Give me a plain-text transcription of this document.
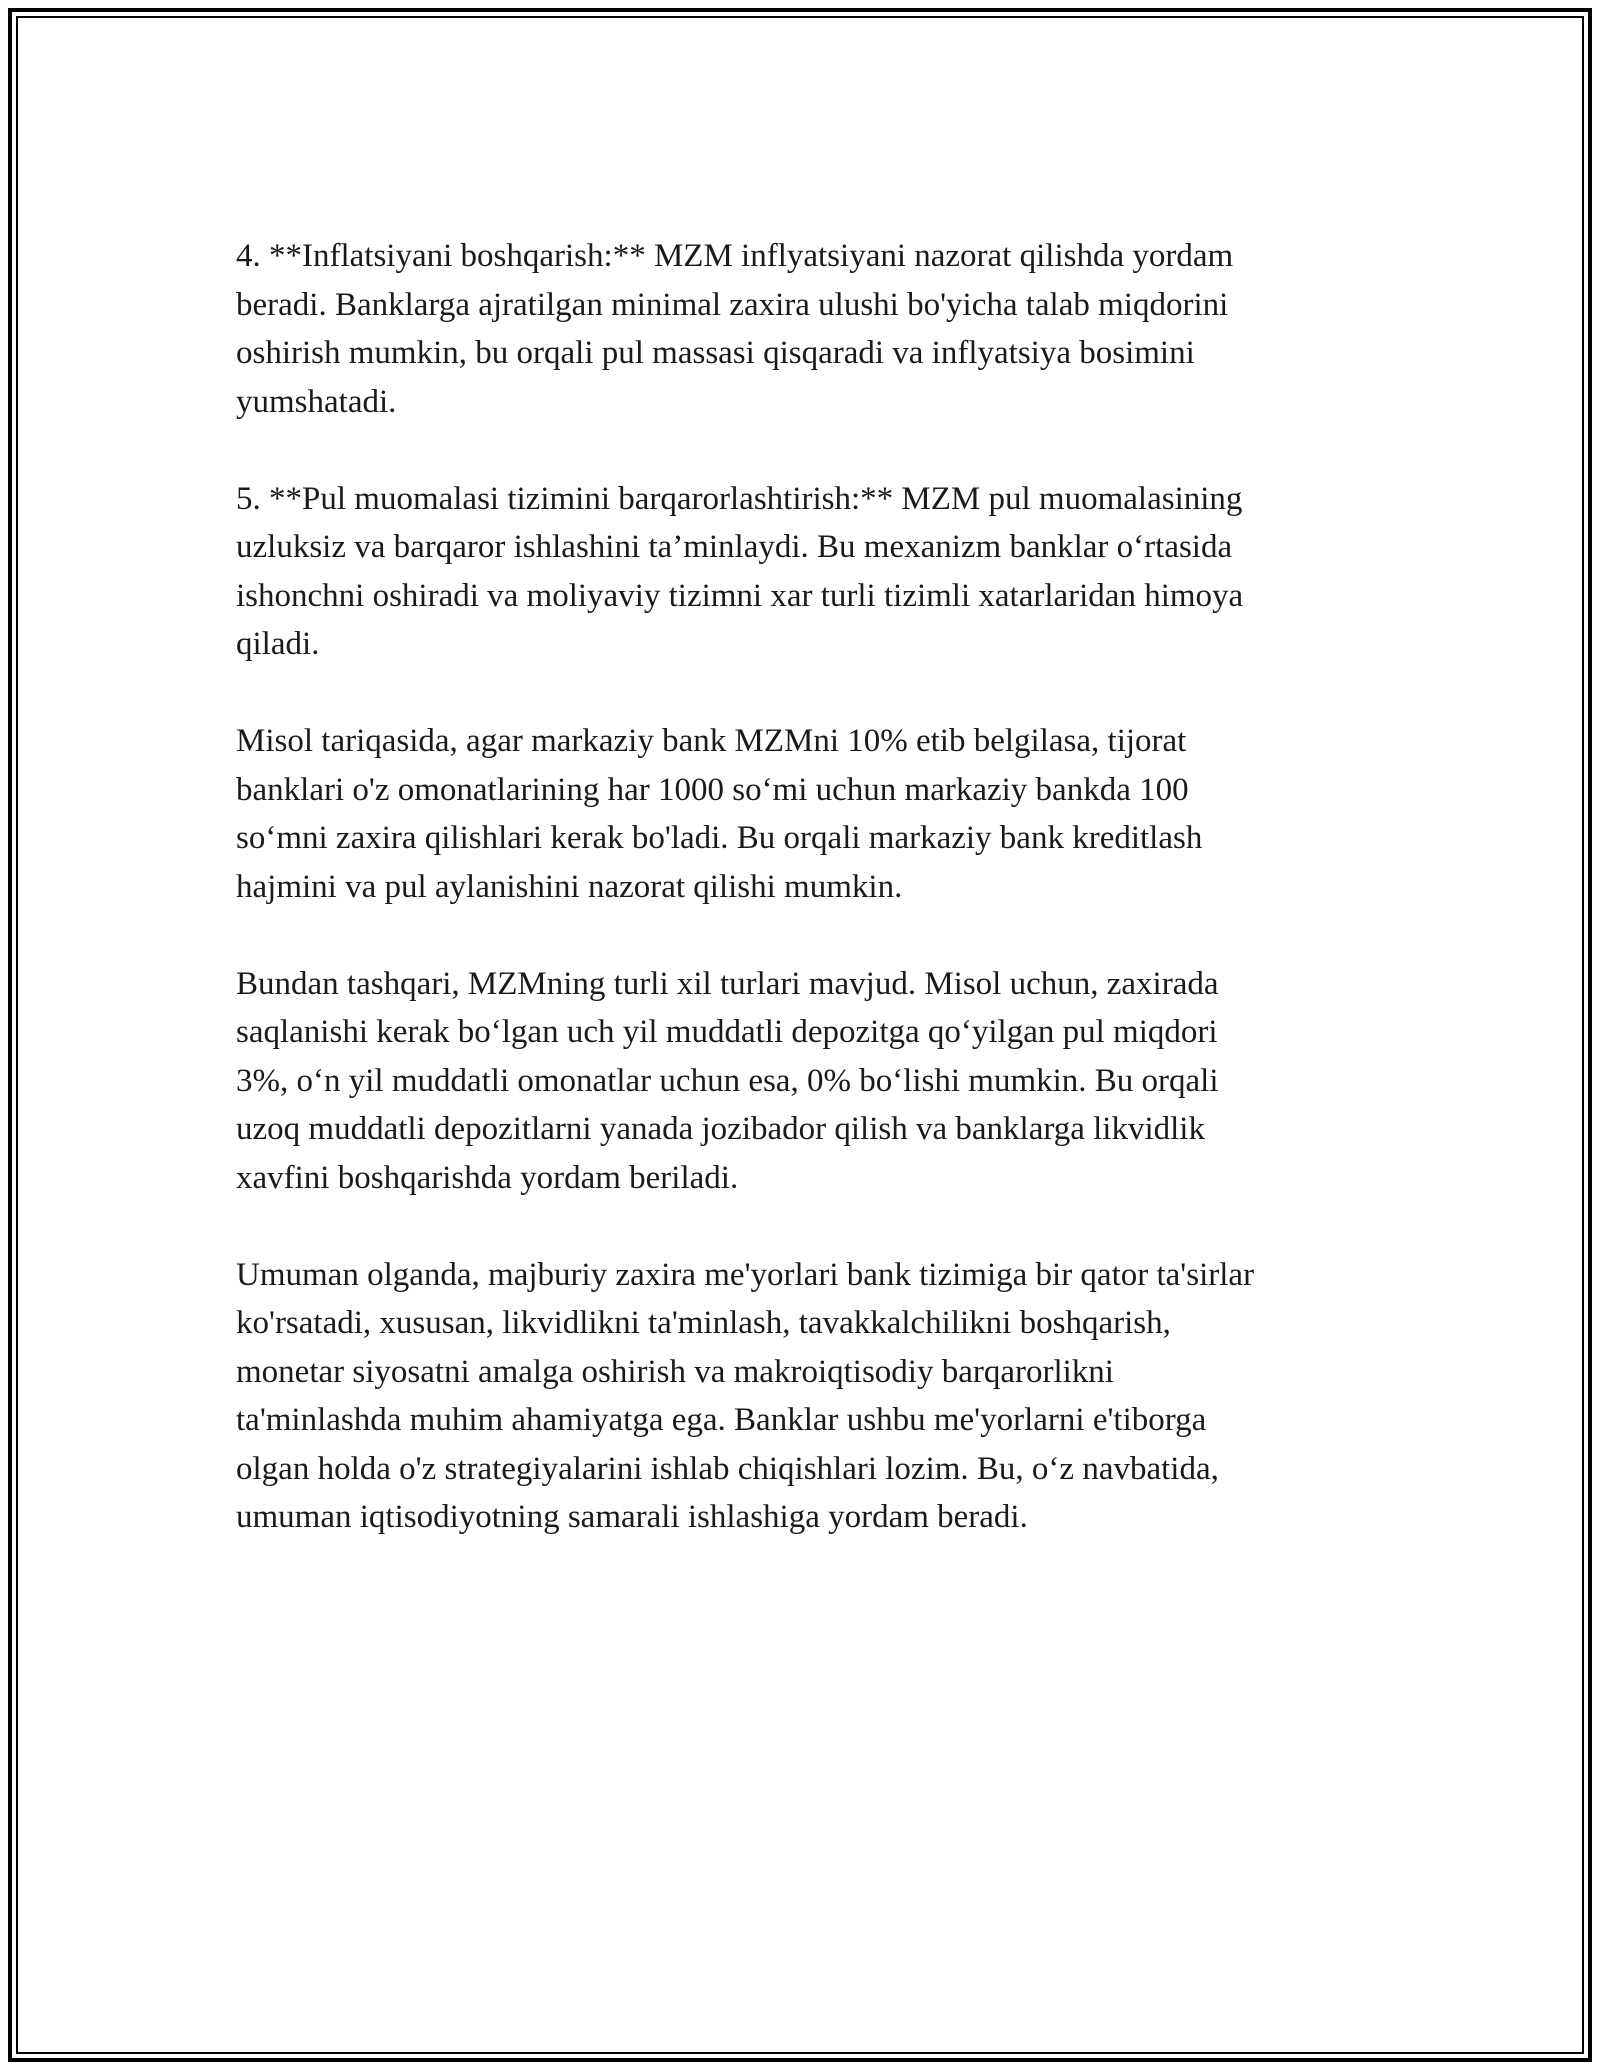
4. **Inflatsiyani boshqarish:** MZM inflyatsiyani nazorat qilishda yordam
beradi. Banklarga ajratilgan minimal zaxira ulushi bo'yicha talab miqdorini
oshirish mumkin, bu orqali pul massasi qisqaradi va inflyatsiya bosimini
yumshatadi.

5. **Pul muomalasi tizimini barqarorlashtirish:** MZM pul muomalasining
uzluksiz va barqaror ishlashini ta’minlaydi. Bu mexanizm banklar o‘rtasida
ishonchni oshiradi va moliyaviy tizimni xar turli tizimli xatarlaridan himoya
qiladi.

Misol tariqasida, agar markaziy bank MZMni 10% etib belgilasa, tijorat
banklari o'z omonatlarining har 1000 so‘mi uchun markaziy bankda 100
so‘mni zaxira qilishlari kerak bo'ladi. Bu orqali markaziy bank kreditlash
hajmini va pul aylanishini nazorat qilishi mumkin.

Bundan tashqari, MZMning turli xil turlari mavjud. Misol uchun, zaxirada
saqlanishi kerak bo‘lgan uch yil muddatli depozitga qo‘yilgan pul miqdori
3%, o‘n yil muddatli omonatlar uchun esa, 0% bo‘lishi mumkin. Bu orqali
uzoq muddatli depozitlarni yanada jozibador qilish va banklarga likvidlik
xavfini boshqarishda yordam beriladi.

Umuman olganda, majburiy zaxira me'yorlari bank tizimiga bir qator ta'sirlar
ko'rsatadi, xususan, likvidlikni ta'minlash, tavakkalchilikni boshqarish,
monetar siyosatni amalga oshirish va makroiqtisodiy barqarorlikni
ta'minlashda muhim ahamiyatga ega. Banklar ushbu me'yorlarni e'tiborga
olgan holda o'z strategiyalarini ishlab chiqishlari lozim. Bu, o‘z navbatida,
umuman iqtisodiyotning samarali ishlashiga yordam beradi.
